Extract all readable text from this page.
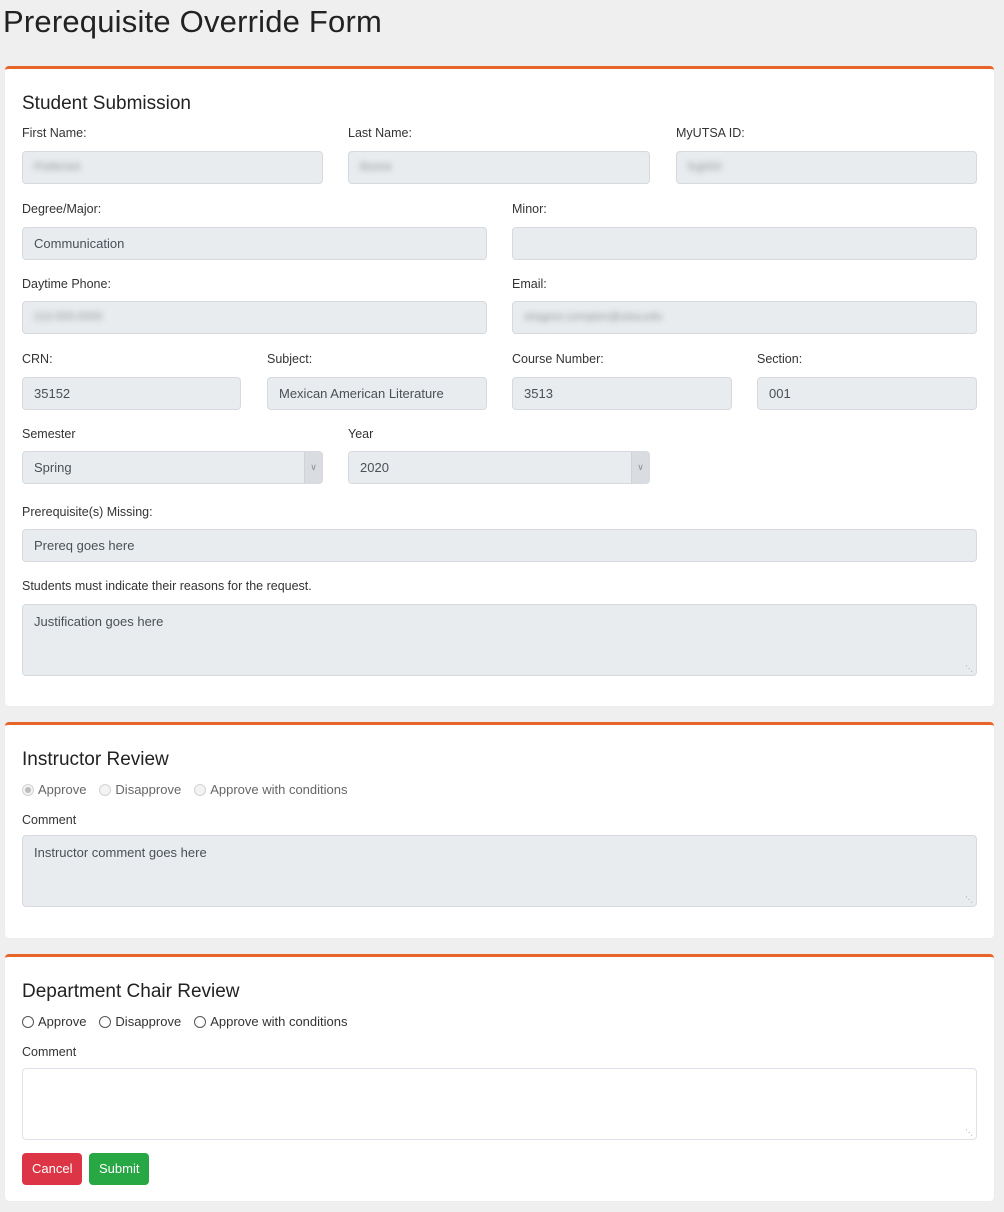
Prerequisite Override Form
Student Submission
First Name:
Preferred
Last Name:
Boone
MyUTSA ID:
fug000
Degree/Major:
Communication
Minor:
Daytime Phone:
210-555-5555
Email:
shagron.compton@utsa.edu
CRN:
35152
Subject:
Mexican American Literature
Course Number:
3513
Section:
001
Semester
Spring	∨
Year
2020	∨
Prerequisite(s) Missing:
Prereq goes here
Students must indicate their reasons for the request.
Justification goes here
⋱
Instructor Review
Approve Disapprove Approve with conditions
Comment
Instructor comment goes here
⋱
Department Chair Review
Approve Disapprove Approve with conditions
Comment
⋱
Cancel	Submit
